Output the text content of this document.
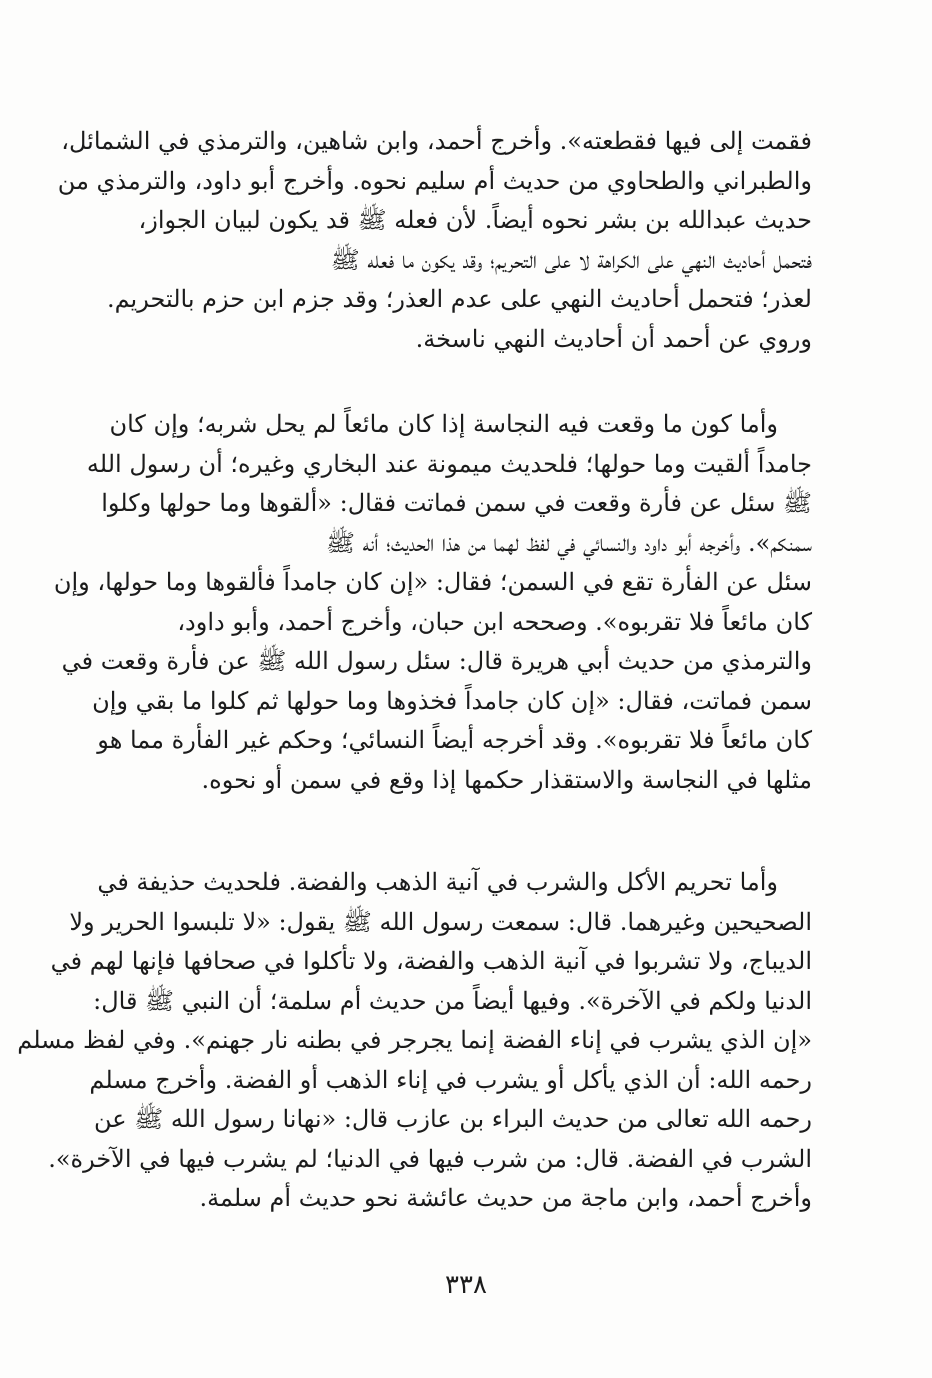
فقمت إلى فيها فقطعته». وأخرج أحمد، وابن شاهين، والترمذي في الشمائل،
والطبراني والطحاوي من حديث أم سليم نحوه. وأخرج أبو داود، والترمذي من
حديث عبدالله بن بشر نحوه أيضاً. لأن فعله ﷺ قد يكون لبيان الجواز،
فتحمل أحاديث النهي على الكراهة لا على التحريم؛ وقد يكون ما فعله ﷺ
لعذر؛ فتحمل أحاديث النهي على عدم العذر؛ وقد جزم ابن حزم بالتحريم.
وروي عن أحمد أن أحاديث النهي ناسخة.
وأما كون ما وقعت فيه النجاسة إذا كان مائعاً لم يحل شربه؛ وإن كان
جامداً ألقيت وما حولها؛ فلحديث ميمونة عند البخاري وغيره؛ أن رسول الله
ﷺ سئل عن فأرة وقعت في سمن فماتت فقال: «ألقوها وما حولها وكلوا
سمنكم». وأخرجه أبو داود والنسائي في لفظ لهما من هذا الحديث؛ أنه ﷺ
سئل عن الفأرة تقع في السمن؛ فقال: «إن كان جامداً فألقوها وما حولها، وإن
كان مائعاً فلا تقربوه». وصححه ابن حبان، وأخرج أحمد، وأبو داود،
والترمذي من حديث أبي هريرة قال: سئل رسول الله ﷺ عن فأرة وقعت في
سمن فماتت، فقال: «إن كان جامداً فخذوها وما حولها ثم كلوا ما بقي وإن
كان مائعاً فلا تقربوه». وقد أخرجه أيضاً النسائي؛ وحكم غير الفأرة مما هو
مثلها في النجاسة والاستقذار حكمها إذا وقع في سمن أو نحوه.
وأما تحريم الأكل والشرب في آنية الذهب والفضة. فلحديث حذيفة في
الصحيحين وغيرهما. قال: سمعت رسول الله ﷺ يقول: «لا تلبسوا الحرير ولا
الديباج، ولا تشربوا في آنية الذهب والفضة، ولا تأكلوا في صحافها فإنها لهم في
الدنيا ولكم في الآخرة». وفيها أيضاً من حديث أم سلمة؛ أن النبي ﷺ قال:
«إن الذي يشرب في إناء الفضة إنما يجرجر في بطنه نار جهنم». وفي لفظ مسلم
رحمه الله: أن الذي يأكل أو يشرب في إناء الذهب أو الفضة. وأخرج مسلم
رحمه الله تعالى من حديث البراء بن عازب قال: «نهانا رسول الله ﷺ عن
الشرب في الفضة. قال: من شرب فيها في الدنيا؛ لم يشرب فيها في الآخرة».
وأخرج أحمد، وابن ماجة من حديث عائشة نحو حديث أم سلمة.
٣٣٨
